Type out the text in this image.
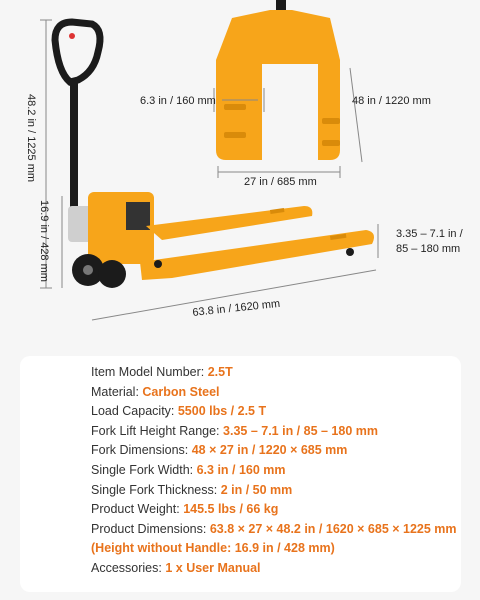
6.3 in / 160 mm	48 in / 1220 mm
27 in / 685 mm
48.2 in / 1225 mm
16.9 in / 428 mm
63.8 in / 1620 mm
3.35 – 7.1 in /
85 – 180 mm
Item Model Number: 2.5T
Material: Carbon Steel
Load Capacity: 5500 lbs / 2.5 T
Fork Lift Height Range: 3.35 – 7.1 in / 85 – 180 mm
Fork Dimensions: 48 × 27 in / 1220 × 685 mm
Single Fork Width: 6.3 in / 160 mm
Single Fork Thickness: 2 in / 50 mm
Product Weight: 145.5 lbs / 66 kg
Product Dimensions: 63.8 × 27 × 48.2 in / 1620 × 685 × 1225 mm
(Height without Handle: 16.9 in / 428 mm)
Accessories: 1 x User Manual
